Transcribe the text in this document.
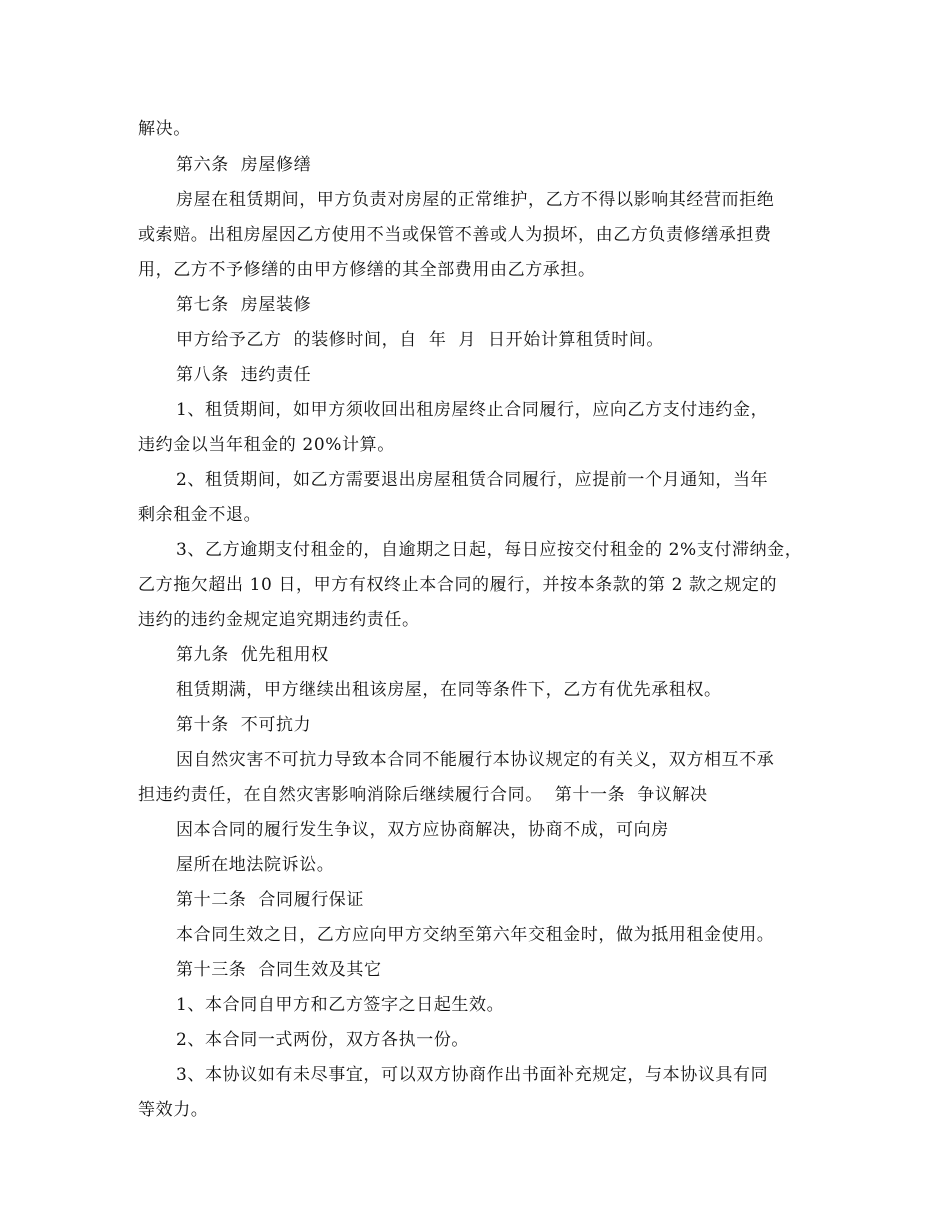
解决。
第六条  房屋修缮
房屋在租赁期间，甲方负责对房屋的正常维护，乙方不得以影响其经营而拒绝
或索赔。出租房屋因乙方使用不当或保管不善或人为损坏，由乙方负责修缮承担费
用，乙方不予修缮的由甲方修缮的其全部费用由乙方承担。
第七条  房屋装修
甲方给予乙方  的装修时间，自  年  月  日开始计算租赁时间。
第八条  违约责任
1、租赁期间，如甲方须收回出租房屋终止合同履行，应向乙方支付违约金，
违约金以当年租金的 20%计算。
2、租赁期间，如乙方需要退出房屋租赁合同履行，应提前一个月通知，当年
剩余租金不退。
3、乙方逾期支付租金的，自逾期之日起，每日应按交付租金的 2%支付滞纳金，
乙方拖欠超出 10 日，甲方有权终止本合同的履行，并按本条款的第 2 款之规定的
违约的违约金规定追究期违约责任。
第九条  优先租用权
租赁期满，甲方继续出租该房屋，在同等条件下，乙方有优先承租权。
第十条  不可抗力
因自然灾害不可抗力导致本合同不能履行本协议规定的有关义，双方相互不承
担违约责任，在自然灾害影响消除后继续履行合同。  第十一条  争议解决
因本合同的履行发生争议，双方应协商解决，协商不成，可向房
屋所在地法院诉讼。
第十二条  合同履行保证
本合同生效之日，乙方应向甲方交纳至第六年交租金时，做为抵用租金使用。
第十三条  合同生效及其它
1、本合同自甲方和乙方签字之日起生效。
2、本合同一式两份，双方各执一份。
3、本协议如有未尽事宜，可以双方协商作出书面补充规定，与本协议具有同
等效力。
